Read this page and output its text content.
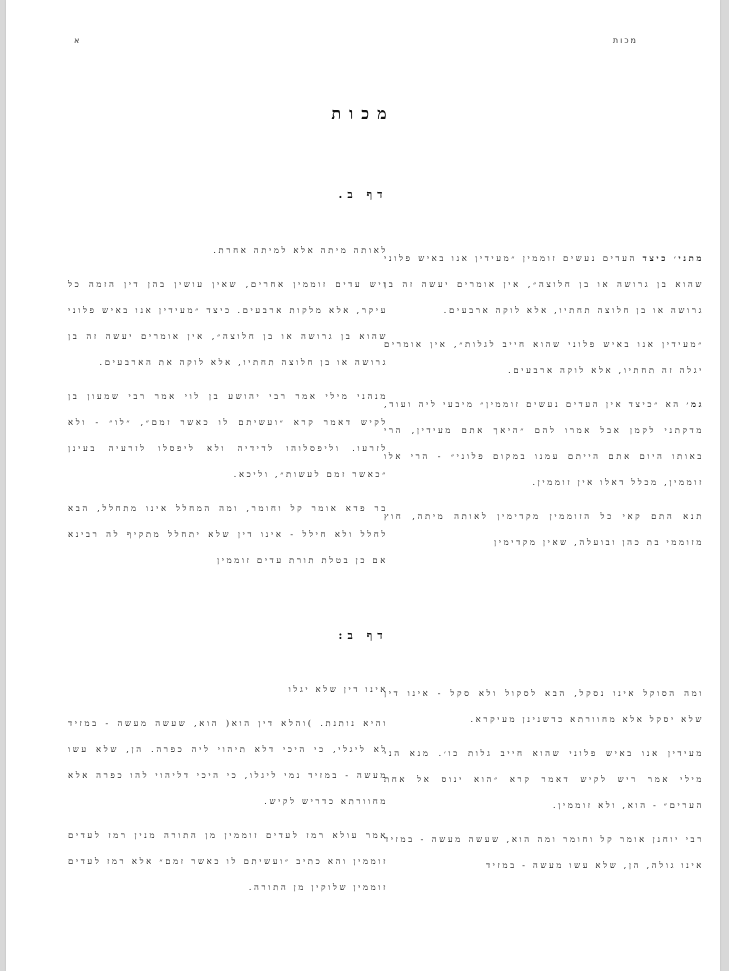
א	מכות
מכות
דף ב.

מתני׳ כיצד העדים נעשים זוממין ״מעידין אנו באיש פלוני שהוא בן גרושה או בן חלוצה״, אין אומרים יעשה זה בן גרושה או בן חלוצה תחתיו, אלא לוקה ארבעים.

״מעידין אנו באיש פלוני שהוא חייב לגלות״, אין אומרים יגלה זה תחתיו, אלא לוקה ארבעים.

גמ׳ הא ״כיצד אין העדים נעשים זוממין״ מיבעי ליה ועוד, מדקתני לקמן אבל אמרו להם ״היאך אתם מעידין, הרי באותו היום אתם הייתם עמנו במקום פלוני״ - הרי אלו זוממין, מכלל דאלו אין זוממין.

תנא התם קאי כל הזוממין מקדימין לאותה מיתה, חוץ מזוממי בת כהן ובועלה, שאין מקדימין

לאותה מיתה אלא למיתה אחרת.

ויש עדים זוממין אחרים, שאין עושין בהן דין הזמה כל עיקר, אלא מלקות ארבעים. כיצד ״מעידין אנו באיש פלוני שהוא בן גרושה או בן חלוצה״, אין אומרים יעשה זה בן גרושה או בן חלוצה תחתיו, אלא לוקה את הארבעים.

מנהני מילי אמר רבי יהושע בן לוי אמר רבי שמעון בן לקיש דאמר קרא ״ועשיתם לו כאשר זמם״, ״לו״ - ולא לזרעו. וליפסלוהו לדידיה ולא ליפסלו לזרעיה בעינן ״כאשר זמם לעשות״, וליכא.

בר פדא אומר קל וחומר, ומה המחלל אינו מתחלל, הבא לחלל ולא חילל - אינו דין שלא יתחלל מתקיף לה רבינא אם כן בטלת תורת עדים זוממין

דף ב:

ומה הסוקל אינו נסקל, הבא לסקול ולא סקל - אינו דין שלא יסקל אלא מחוורתא כדשנינן מעיקרא.

מעידין אנו באיש פלוני שהוא חייב גלות כו׳. מנא הני מילי אמר ריש לקיש דאמר קרא ״הוא ינוס אל אחת הערים״ - הוא, ולא זוממין.

רבי יוחנן אומר קל וחומר ומה הוא, שעשה מעשה - במזיד אינו גולה, הן, שלא עשו מעשה - במזיד

אינו דין שלא יגלו

והיא נותנת. )והלא דין הוא( הוא, שעשה מעשה - במזיד לא ליגלי, כי היכי דלא תיהוי ליה כפרה. הן, שלא עשו מעשה - במזיד נמי ליגלו, כי היכי דליהוי להו כפרה אלא מחוורתא כדריש לקיש.

אמר עולא רמז לעדים זוממין מן התורה מנין רמז לעדים זוממין והא כתיב ״ועשיתם לו כאשר זמם״ אלא רמז לעדים זוממין שלוקין מן התורה.
